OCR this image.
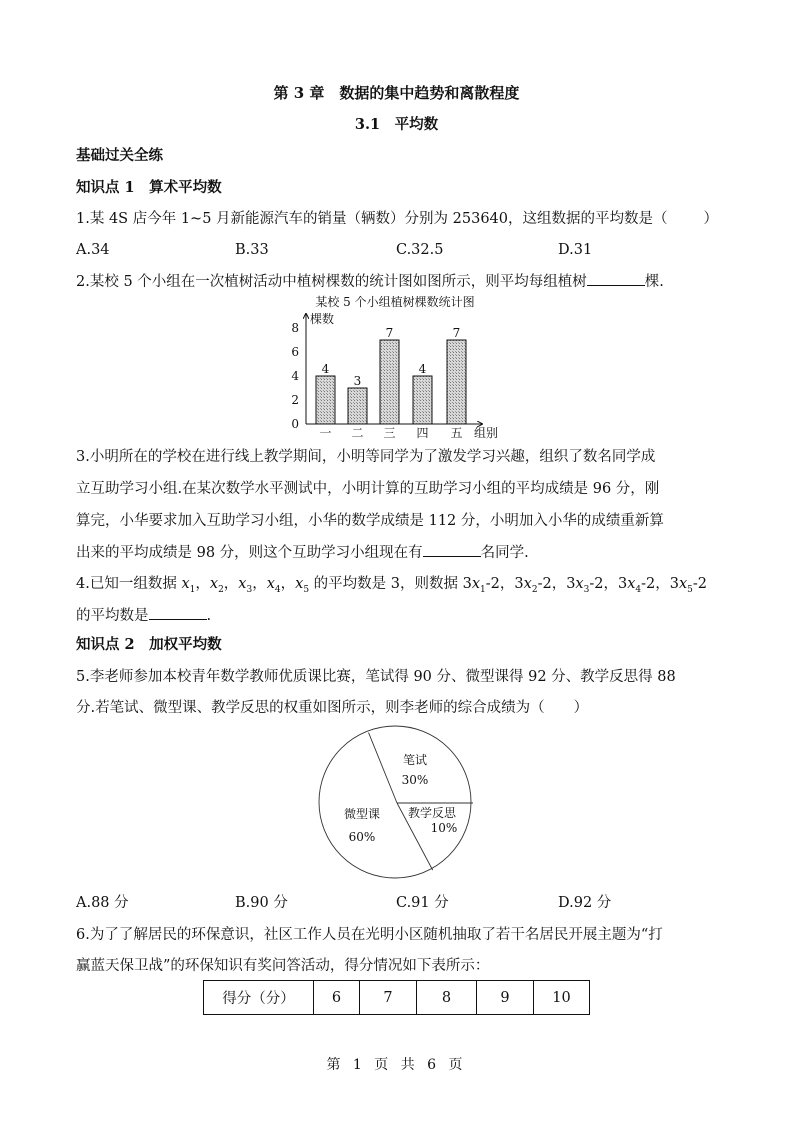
第 3 章　数据的集中趋势和离散程度
3.1　平均数
基础过关全练
知识点 1　算术平均数
1.某 4S 店今年 1~5 月新能源汽车的销量（辆数）分别为 253640，这组数据的平均数是（ ）
A.34	B.33	C.32.5	D.31
2.某校 5 个小组在一次植树活动中植树棵数的统计图如图所示，则平均每组植树	棵.
某校 5 个小组植树棵数统计图
0
2
4
6
8
4
一
3
二
7
三
4
四
7
五
棵数
组别
3.小明所在的学校在进行线上教学期间，小明等同学为了激发学习兴趣，组织了数名同学成
立互助学习小组.在某次数学水平测试中，小明计算的互助学习小组的平均成绩是 96 分，刚
算完，小华要求加入互助学习小组，小华的数学成绩是 112 分，小明加入小华的成绩重新算
出来的平均成绩是 98 分，则这个互助学习小组现在有	名同学.
4.已知一组数据 $x_1$，$x_2$，$x_3$，$x_4$，$x_5$ 的平均数是 3，则数据 $3x_1-2$，$3x_2-2$，$3x_3-2$，$3x_4-2$，$3x_5-2$
的平均数是	.
知识点 2　加权平均数
5.李老师参加本校青年数学教师优质课比赛，笔试得 90 分、微型课得 92 分、教学反思得 88
分.若笔试、微型课、教学反思的权重如图所示，则李老师的综合成绩为（　　）
笔试
30%
教学反思
10%
微型课
60%
A.88 分	B.90 分	C.91 分	D.92 分
6.为了了解居民的环保意识，社区工作人员在光明小区随机抽取了若干名居民开展主题为“打
赢蓝天保卫战”的环保知识有奖问答活动，得分情况如下表所示：
得分（分）	6	7	8	9	10
第 1 页 共 6 页
